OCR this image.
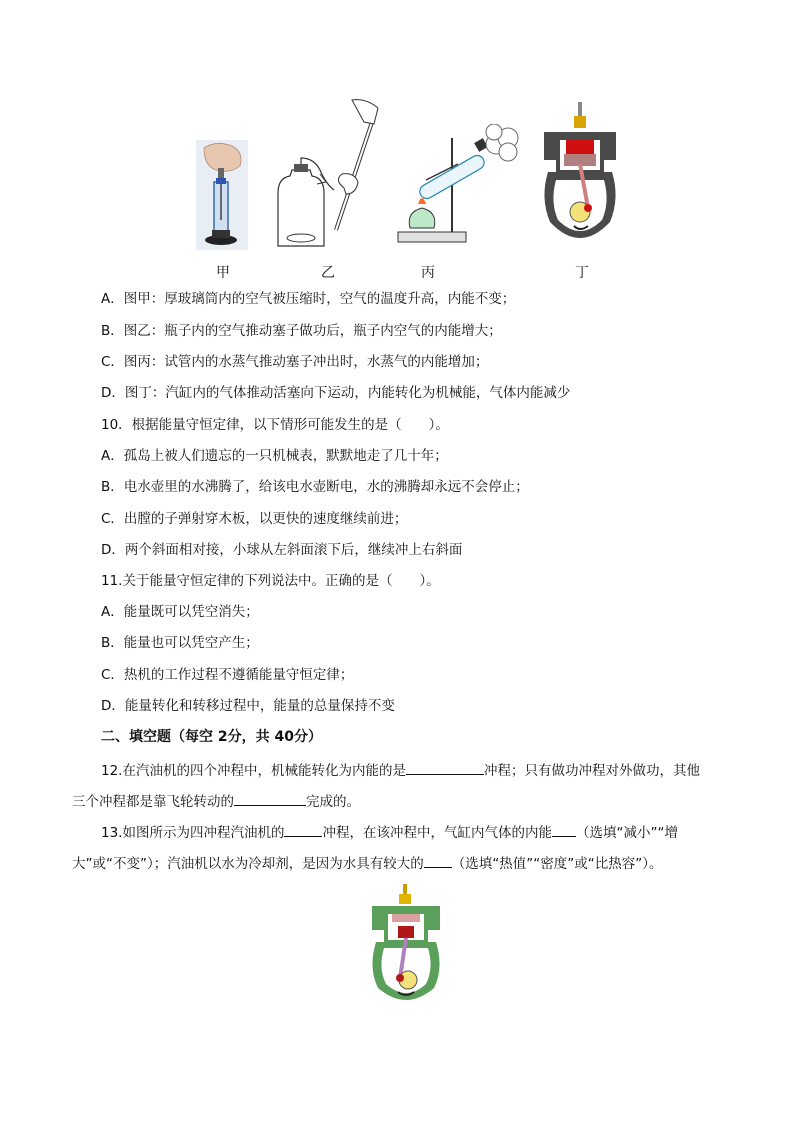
甲	乙	丙	丁
A．图甲：厚玻璃筒内的空气被压缩时，空气的温度升高，内能不变；
B．图乙：瓶子内的空气推动塞子做功后，瓶子内空气的内能增大；
C．图丙：试管内的水蒸气推动塞子冲出时，水蒸气的内能增加；
D．图丁：汽缸内的气体推动活塞向下运动，内能转化为机械能，气体内能减少
10．根据能量守恒定律，以下情形可能发生的是（　　）。
A．孤岛上被人们遗忘的一只机械表，默默地走了几十年；
B．电水壶里的水沸腾了，给该电水壶断电，水的沸腾却永远不会停止；
C．出膛的子弹射穿木板，以更快的速度继续前进；
D．两个斜面相对接，小球从左斜面滚下后，继续冲上右斜面
11.关于能量守恒定律的下列说法中。正确的是（　　）。
A．能量既可以凭空消失；
B．能量也可以凭空产生；
C．热机的工作过程不遵循能量守恒定律；
D．能量转化和转移过程中，能量的总量保持不变
二、填空题（每空 2分，共 40分）
12.在汽油机的四个冲程中，机械能转化为内能的是	冲程；只有做功冲程对外做功，其他
三个冲程都是靠飞轮转动的	完成的。
13.如图所示为四冲程汽油机的	冲程，在该冲程中，气缸内气体的内能 （选填“减小”“增
大”或“不变”）；汽油机以水为冷却剂，是因为水具有较大的 （选填“热值”“密度”或“比热容”）。
